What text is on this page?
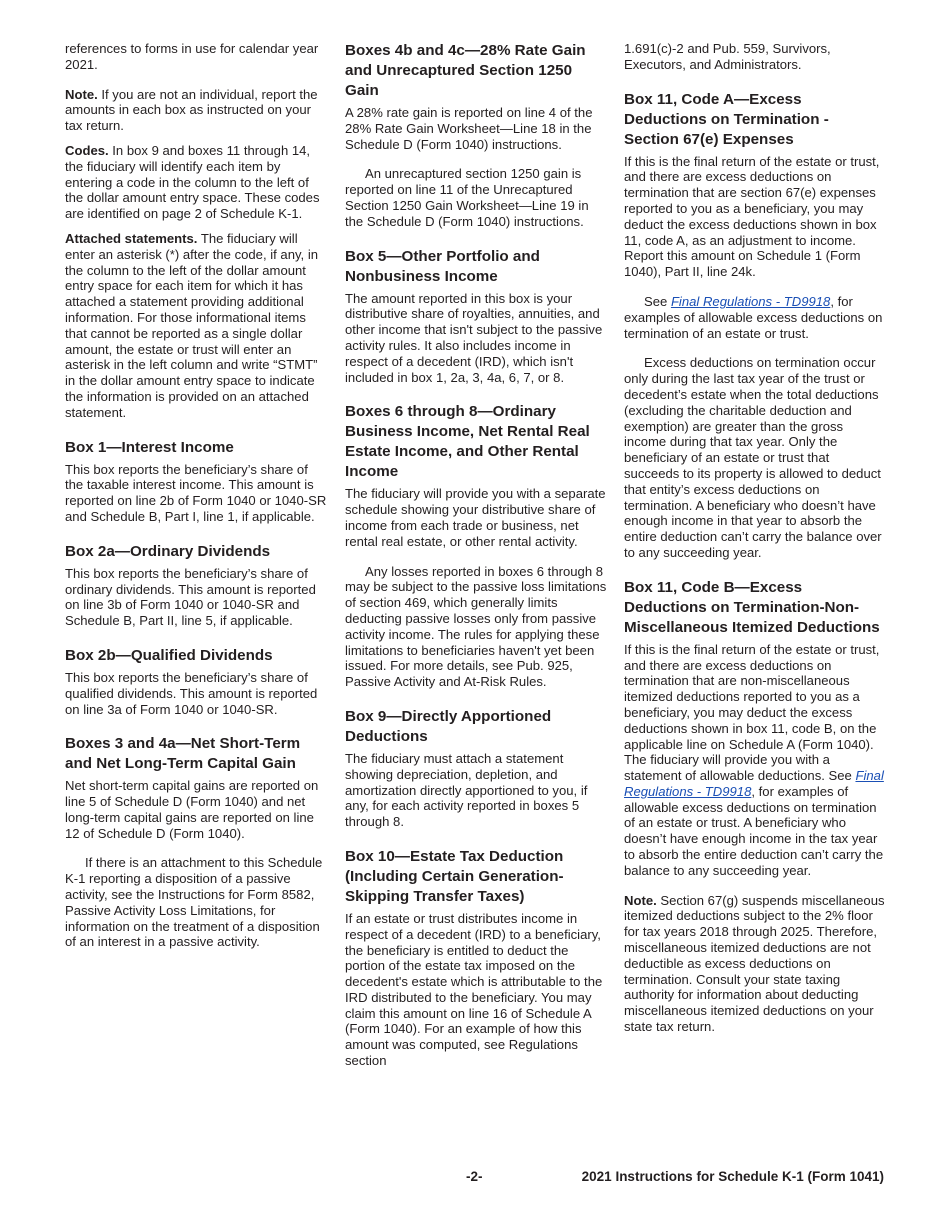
references to forms in use for calendar year 2021.

Note. If you are not an individual, report the amounts in each box as instructed on your tax return.

Codes. In box 9 and boxes 11 through 14, the fiduciary will identify each item by entering a code in the column to the left of the dollar amount entry space. These codes are identified on page 2 of Schedule K-1.

Attached statements. The fiduciary will enter an asterisk (*) after the code, if any, in the column to the left of the dollar amount entry space for each item for which it has attached a statement providing additional information. For those informational items that cannot be reported as a single dollar amount, the estate or trust will enter an asterisk in the left column and write “STMT” in the dollar amount entry space to indicate the information is provided on an attached statement.

Box 1—Interest Income

This box reports the beneficiary’s share of the taxable interest income. This amount is reported on line 2b of Form 1040 or 1040-SR and Schedule B, Part I, line 1, if applicable.

Box 2a—Ordinary Dividends

This box reports the beneficiary’s share of ordinary dividends. This amount is reported on line 3b of Form 1040 or 1040-SR and Schedule B, Part II, line 5, if applicable.

Box 2b—Qualified Dividends

This box reports the beneficiary’s share of qualified dividends. This amount is reported on line 3a of Form 1040 or 1040-SR.

Boxes 3 and 4a—Net Short-Term and Net Long-Term Capital Gain

Net short-term capital gains are reported on line 5 of Schedule D (Form 1040) and net long-term capital gains are reported on line 12 of Schedule D (Form 1040).

If there is an attachment to this Schedule K-1 reporting a disposition of a passive activity, see the Instructions for Form 8582, Passive Activity Loss Limitations, for information on the treatment of a disposition of an interest in a passive activity.

Boxes 4b and 4c—28% Rate Gain and Unrecaptured Section 1250 Gain

A 28% rate gain is reported on line 4 of the 28% Rate Gain Worksheet—Line 18 in the Schedule D (Form 1040) instructions.

An unrecaptured section 1250 gain is reported on line 11 of the Unrecaptured Section 1250 Gain Worksheet—Line 19 in the Schedule D (Form 1040) instructions.

Box 5—Other Portfolio and Nonbusiness Income

The amount reported in this box is your distributive share of royalties, annuities, and other income that isn't subject to the passive activity rules. It also includes income in respect of a decedent (IRD), which isn't included in box 1, 2a, 3, 4a, 6, 7, or 8.

Boxes 6 through 8—Ordinary Business Income, Net Rental Real Estate Income, and Other Rental Income

The fiduciary will provide you with a separate schedule showing your distributive share of income from each trade or business, net rental real estate, or other rental activity.

Any losses reported in boxes 6 through 8 may be subject to the passive loss limitations of section 469, which generally limits deducting passive losses only from passive activity income. The rules for applying these limitations to beneficiaries haven't yet been issued. For more details, see Pub. 925, Passive Activity and At-Risk Rules.

Box 9—Directly Apportioned Deductions

The fiduciary must attach a statement showing depreciation, depletion, and amortization directly apportioned to you, if any, for each activity reported in boxes 5 through 8.

Box 10—Estate Tax Deduction (Including Certain Generation-Skipping Transfer Taxes)

If an estate or trust distributes income in respect of a decedent (IRD) to a beneficiary, the beneficiary is entitled to deduct the portion of the estate tax imposed on the decedent's estate which is attributable to the IRD distributed to the beneficiary. You may claim this amount on line 16 of Schedule A (Form 1040). For an example of how this amount was computed, see Regulations section

1.691(c)-2 and Pub. 559, Survivors, Executors, and Administrators.

Box 11, Code A—Excess Deductions on Termination - Section 67(e) Expenses

If this is the final return of the estate or trust, and there are excess deductions on termination that are section 67(e) expenses reported to you as a beneficiary, you may deduct the excess deductions shown in box 11, code A, as an adjustment to income. Report this amount on Schedule 1 (Form 1040), Part II, line 24k.

See Final Regulations - TD9918, for examples of allowable excess deductions on termination of an estate or trust.

Excess deductions on termination occur only during the last tax year of the trust or decedent’s estate when the total deductions (excluding the charitable deduction and exemption) are greater than the gross income during that tax year. Only the beneficiary of an estate or trust that succeeds to its property is allowed to deduct that entity’s excess deductions on termination. A beneficiary who doesn’t have enough income in that year to absorb the entire deduction can’t carry the balance over to any succeeding year.

Box 11, Code B—Excess Deductions on Termination-Non-Miscellaneous Itemized Deductions

If this is the final return of the estate or trust, and there are excess deductions on termination that are non-miscellaneous itemized deductions reported to you as a beneficiary, you may deduct the excess deductions shown in box 11, code B, on the applicable line on Schedule A (Form 1040). The fiduciary will provide you with a statement of allowable deductions. See Final Regulations - TD9918, for examples of allowable excess deductions on termination of an estate or trust. A beneficiary who doesn’t have enough income in the tax year to absorb the entire deduction can’t carry the balance to any succeeding year.

Note. Section 67(g) suspends miscellaneous itemized deductions subject to the 2% floor for tax years 2018 through 2025. Therefore, miscellaneous itemized deductions are not deductible as excess deductions on termination. Consult your state taxing authority for information about deducting miscellaneous itemized deductions on your state tax return.

-2-	2021 Instructions for Schedule K-1 (Form 1041)
